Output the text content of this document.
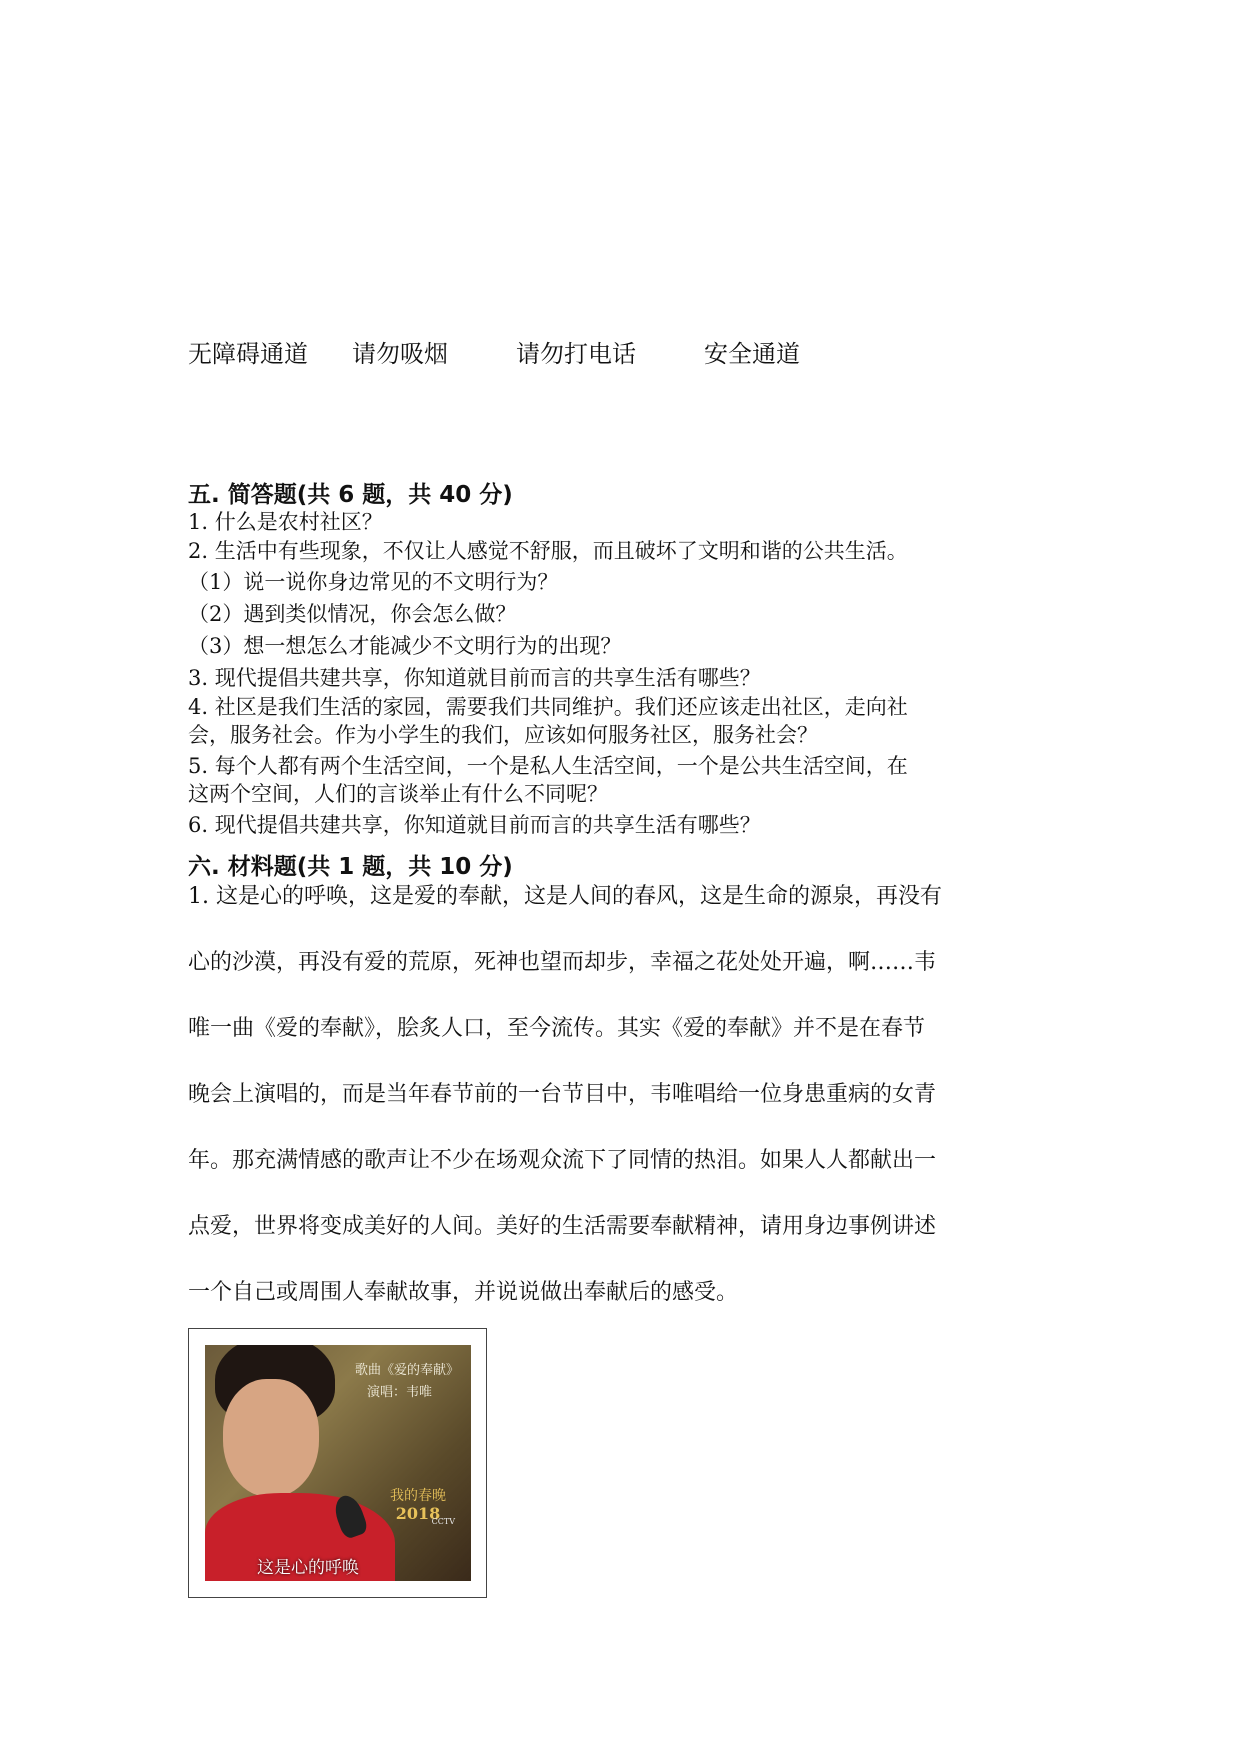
无障碍通道 请勿吸烟	请勿打电话	安全通道
五. 简答题(共 6 题，共 40 分)
1. 什么是农村社区？
2. 生活中有些现象，不仅让人感觉不舒服，而且破坏了文明和谐的公共生活。
（1）说一说你身边常见的不文明行为？
（2）遇到类似情况，你会怎么做？
（3）想一想怎么才能减少不文明行为的出现？
3. 现代提倡共建共享，你知道就目前而言的共享生活有哪些？
4. 社区是我们生活的家园，需要我们共同维护。我们还应该走出社区，走向社
会，服务社会。作为小学生的我们，应该如何服务社区，服务社会？
5. 每个人都有两个生活空间，一个是私人生活空间，一个是公共生活空间，在
这两个空间，人们的言谈举止有什么不同呢？
6. 现代提倡共建共享，你知道就目前而言的共享生活有哪些？
六. 材料题(共 1 题，共 10 分)
1. 这是心的呼唤，这是爱的奉献，这是人间的春风，这是生命的源泉，再没有
心的沙漠，再没有爱的荒原，死神也望而却步，幸福之花处处开遍，啊……韦
唯一曲《爱的奉献》，脍炙人口，至今流传。其实《爱的奉献》并不是在春节
晚会上演唱的，而是当年春节前的一台节目中，韦唯唱给一位身患重病的女青
年。那充满情感的歌声让不少在场观众流下了同情的热泪。如果人人都献出一
点爱，世界将变成美好的人间。美好的生活需要奉献精神，请用身边事例讲述
一个自己或周围人奉献故事，并说说做出奉献后的感受。
歌曲《爱的奉献》
演唱：韦唯
我的春晚
2018
CCTV
这是心的呼唤
